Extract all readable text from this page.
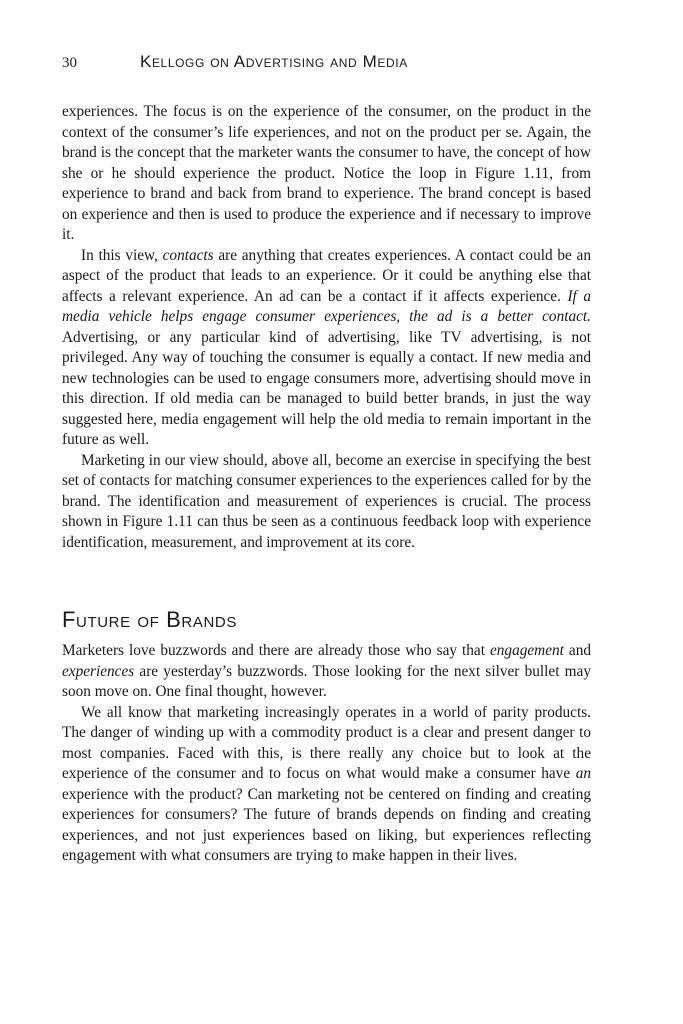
30	Kellogg on Advertising and Media

experiences. The focus is on the experience of the consumer, on the product in the context of the consumer’s life experiences, and not on the product per se. Again, the brand is the concept that the marketer wants the consumer to have, the concept of how she or he should experience the product. Notice the loop in Figure 1.11, from experience to brand and back from brand to experience. The brand concept is based on experience and then is used to produce the experience and if necessary to improve it.

In this view, contacts are anything that creates experiences. A contact could be an aspect of the product that leads to an experience. Or it could be anything else that affects a relevant experience. An ad can be a contact if it affects experience. If a media vehicle helps engage consumer experiences, the ad is a better contact. Advertising, or any particular kind of advertising, like TV advertising, is not privileged. Any way of touching the consumer is equally a contact. If new media and new technologies can be used to engage consumers more, advertising should move in this direction. If old media can be managed to build better brands, in just the way suggested here, media engagement will help the old media to remain important in the future as well.

Marketing in our view should, above all, become an exercise in specifying the best set of contacts for matching consumer experiences to the experiences called for by the brand. The identification and measurement of experiences is crucial. The process shown in Figure 1.11 can thus be seen as a continuous feedback loop with experience identification, measurement, and improvement at its core.

Future of Brands

Marketers love buzzwords and there are already those who say that engagement and experiences are yesterday’s buzzwords. Those looking for the next silver bullet may soon move on. One final thought, however.

We all know that marketing increasingly operates in a world of parity products. The danger of winding up with a commodity product is a clear and present danger to most companies. Faced with this, is there really any choice but to look at the experience of the consumer and to focus on what would make a consumer have an experience with the product? Can marketing not be centered on finding and creating experiences for consumers? The future of brands depends on finding and creating experiences, and not just experiences based on liking, but experiences reflecting engagement with what consumers are trying to make happen in their lives.
